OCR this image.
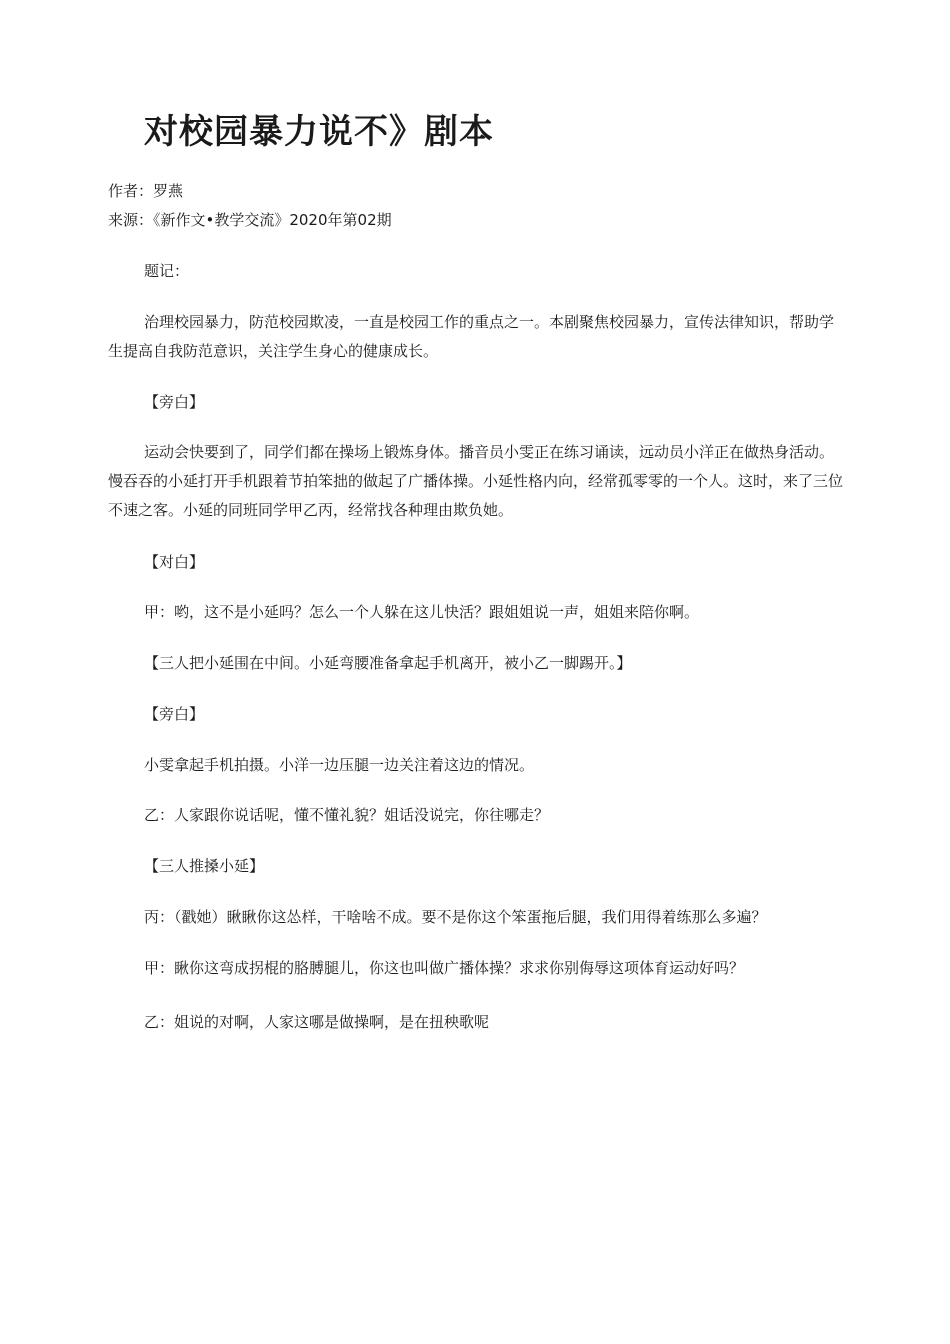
对校园暴力说不》剧本
作者：罗燕
来源：《新作文•教学交流》2020年第02期

题记：

治理校园暴力，防范校园欺凌，一直是校园工作的重点之一。本剧聚焦校园暴力，宣传法律知识，帮助学生提高自我防范意识，关注学生身心的健康成长。

【旁白】

运动会快要到了，同学们都在操场上锻炼身体。播音员小雯正在练习诵读，远动员小洋正在做热身活动。慢吞吞的小延打开手机跟着节拍笨拙的做起了广播体操。小延性格内向，经常孤零零的一个人。这时，来了三位不速之客。小延的同班同学甲乙丙，经常找各种理由欺负她。

【对白】

甲：哟，这不是小延吗？怎么一个人躲在这儿快活？跟姐姐说一声，姐姐来陪你啊。

【三人把小延围在中间。小延弯腰准备拿起手机离开，被小乙一脚踢开。】

【旁白】

小雯拿起手机拍摄。小洋一边压腿一边关注着这边的情况。

乙：人家跟你说话呢，懂不懂礼貌？姐话没说完，你往哪走？

【三人推搡小延】

丙：（戳她）瞅瞅你这怂样，干啥啥不成。要不是你这个笨蛋拖后腿，我们用得着练那么多遍？

甲：瞅你这弯成拐棍的胳膊腿儿，你这也叫做广播体操？求求你别侮辱这项体育运动好吗？

乙：姐说的对啊，人家这哪是做操啊，是在扭秧歌呢
